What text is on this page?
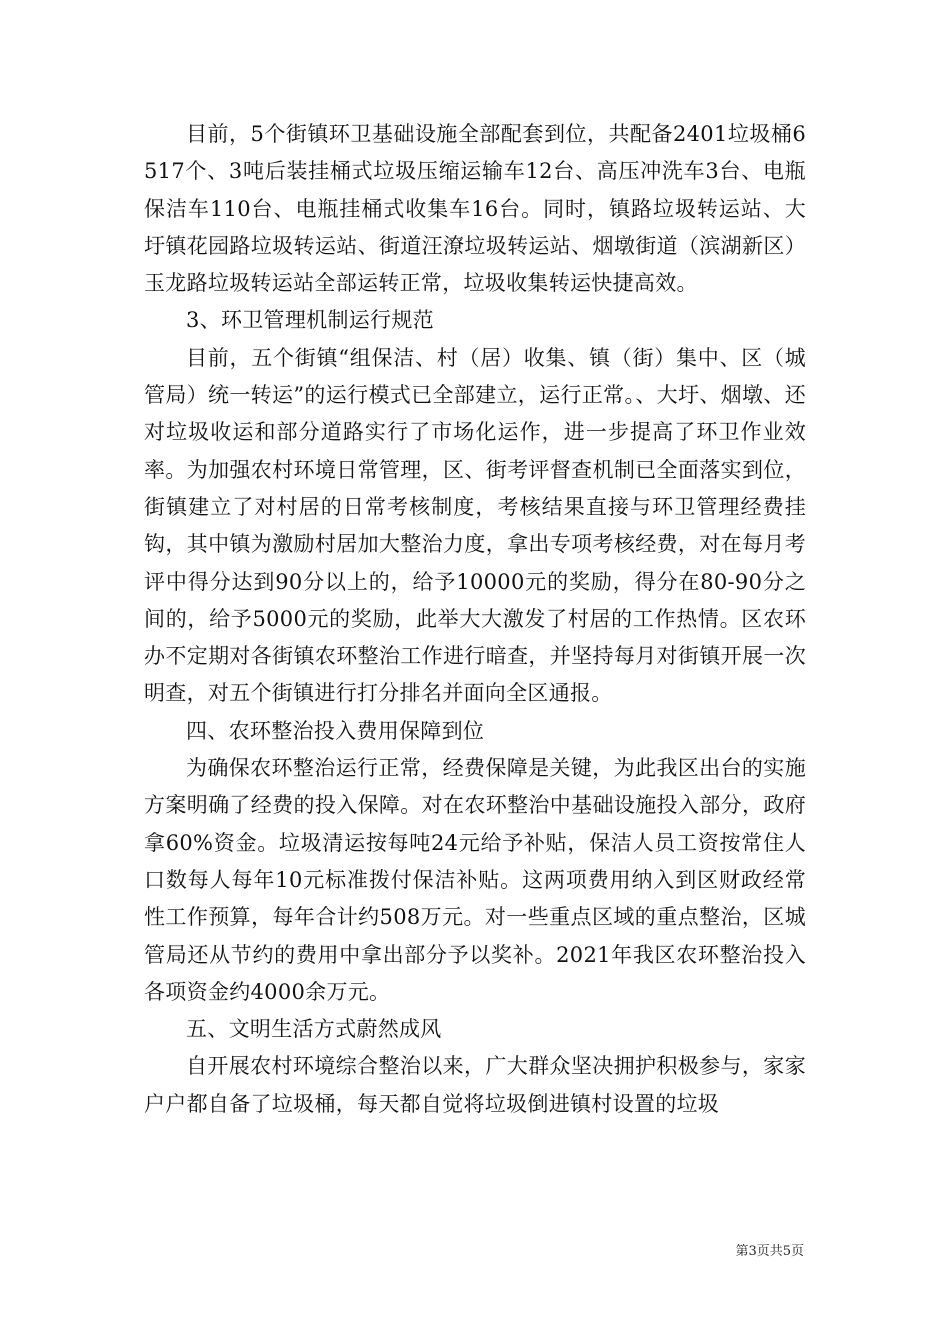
目前，5个街镇环卫基础设施全部配套到位，共配备2401垃圾桶6517个、3吨后装挂桶式垃圾压缩运输车12台、高压冲洗车3台、电瓶保洁车110台、电瓶挂桶式收集车16台。同时，镇路垃圾转运站、大圩镇花园路垃圾转运站、街道汪潦垃圾转运站、烟墩街道（滨湖新区）玉龙路垃圾转运站全部运转正常，垃圾收集转运快捷高效。

3、环卫管理机制运行规范

目前，五个街镇“组保洁、村（居）收集、镇（街）集中、区（城管局）统一转运”的运行模式已全部建立，运行正常。、大圩、烟墩、还对垃圾收运和部分道路实行了市场化运作，进一步提高了环卫作业效率。为加强农村环境日常管理，区、街考评督查机制已全面落实到位，街镇建立了对村居的日常考核制度，考核结果直接与环卫管理经费挂钩，其中镇为激励村居加大整治力度，拿出专项考核经费，对在每月考评中得分达到90分以上的，给予10000元的奖励，得分在80-90分之间的，给予5000元的奖励，此举大大激发了村居的工作热情。区农环办不定期对各街镇农环整治工作进行暗查，并坚持每月对街镇开展一次明查，对五个街镇进行打分排名并面向全区通报。

四、农环整治投入费用保障到位

为确保农环整治运行正常，经费保障是关键，为此我区出台的实施方案明确了经费的投入保障。对在农环整治中基础设施投入部分，政府拿60%资金。垃圾清运按每吨24元给予补贴，保洁人员工资按常住人口数每人每年10元标准拨付保洁补贴。这两项费用纳入到区财政经常性工作预算，每年合计约508万元。对一些重点区域的重点整治，区城管局还从节约的费用中拿出部分予以奖补。2021年我区农环整治投入各项资金约4000余万元。

五、文明生活方式蔚然成风

自开展农村环境综合整治以来，广大群众坚决拥护积极参与，家家户户都自备了垃圾桶，每天都自觉将垃圾倒进镇村设置的垃圾

第3页共5页
